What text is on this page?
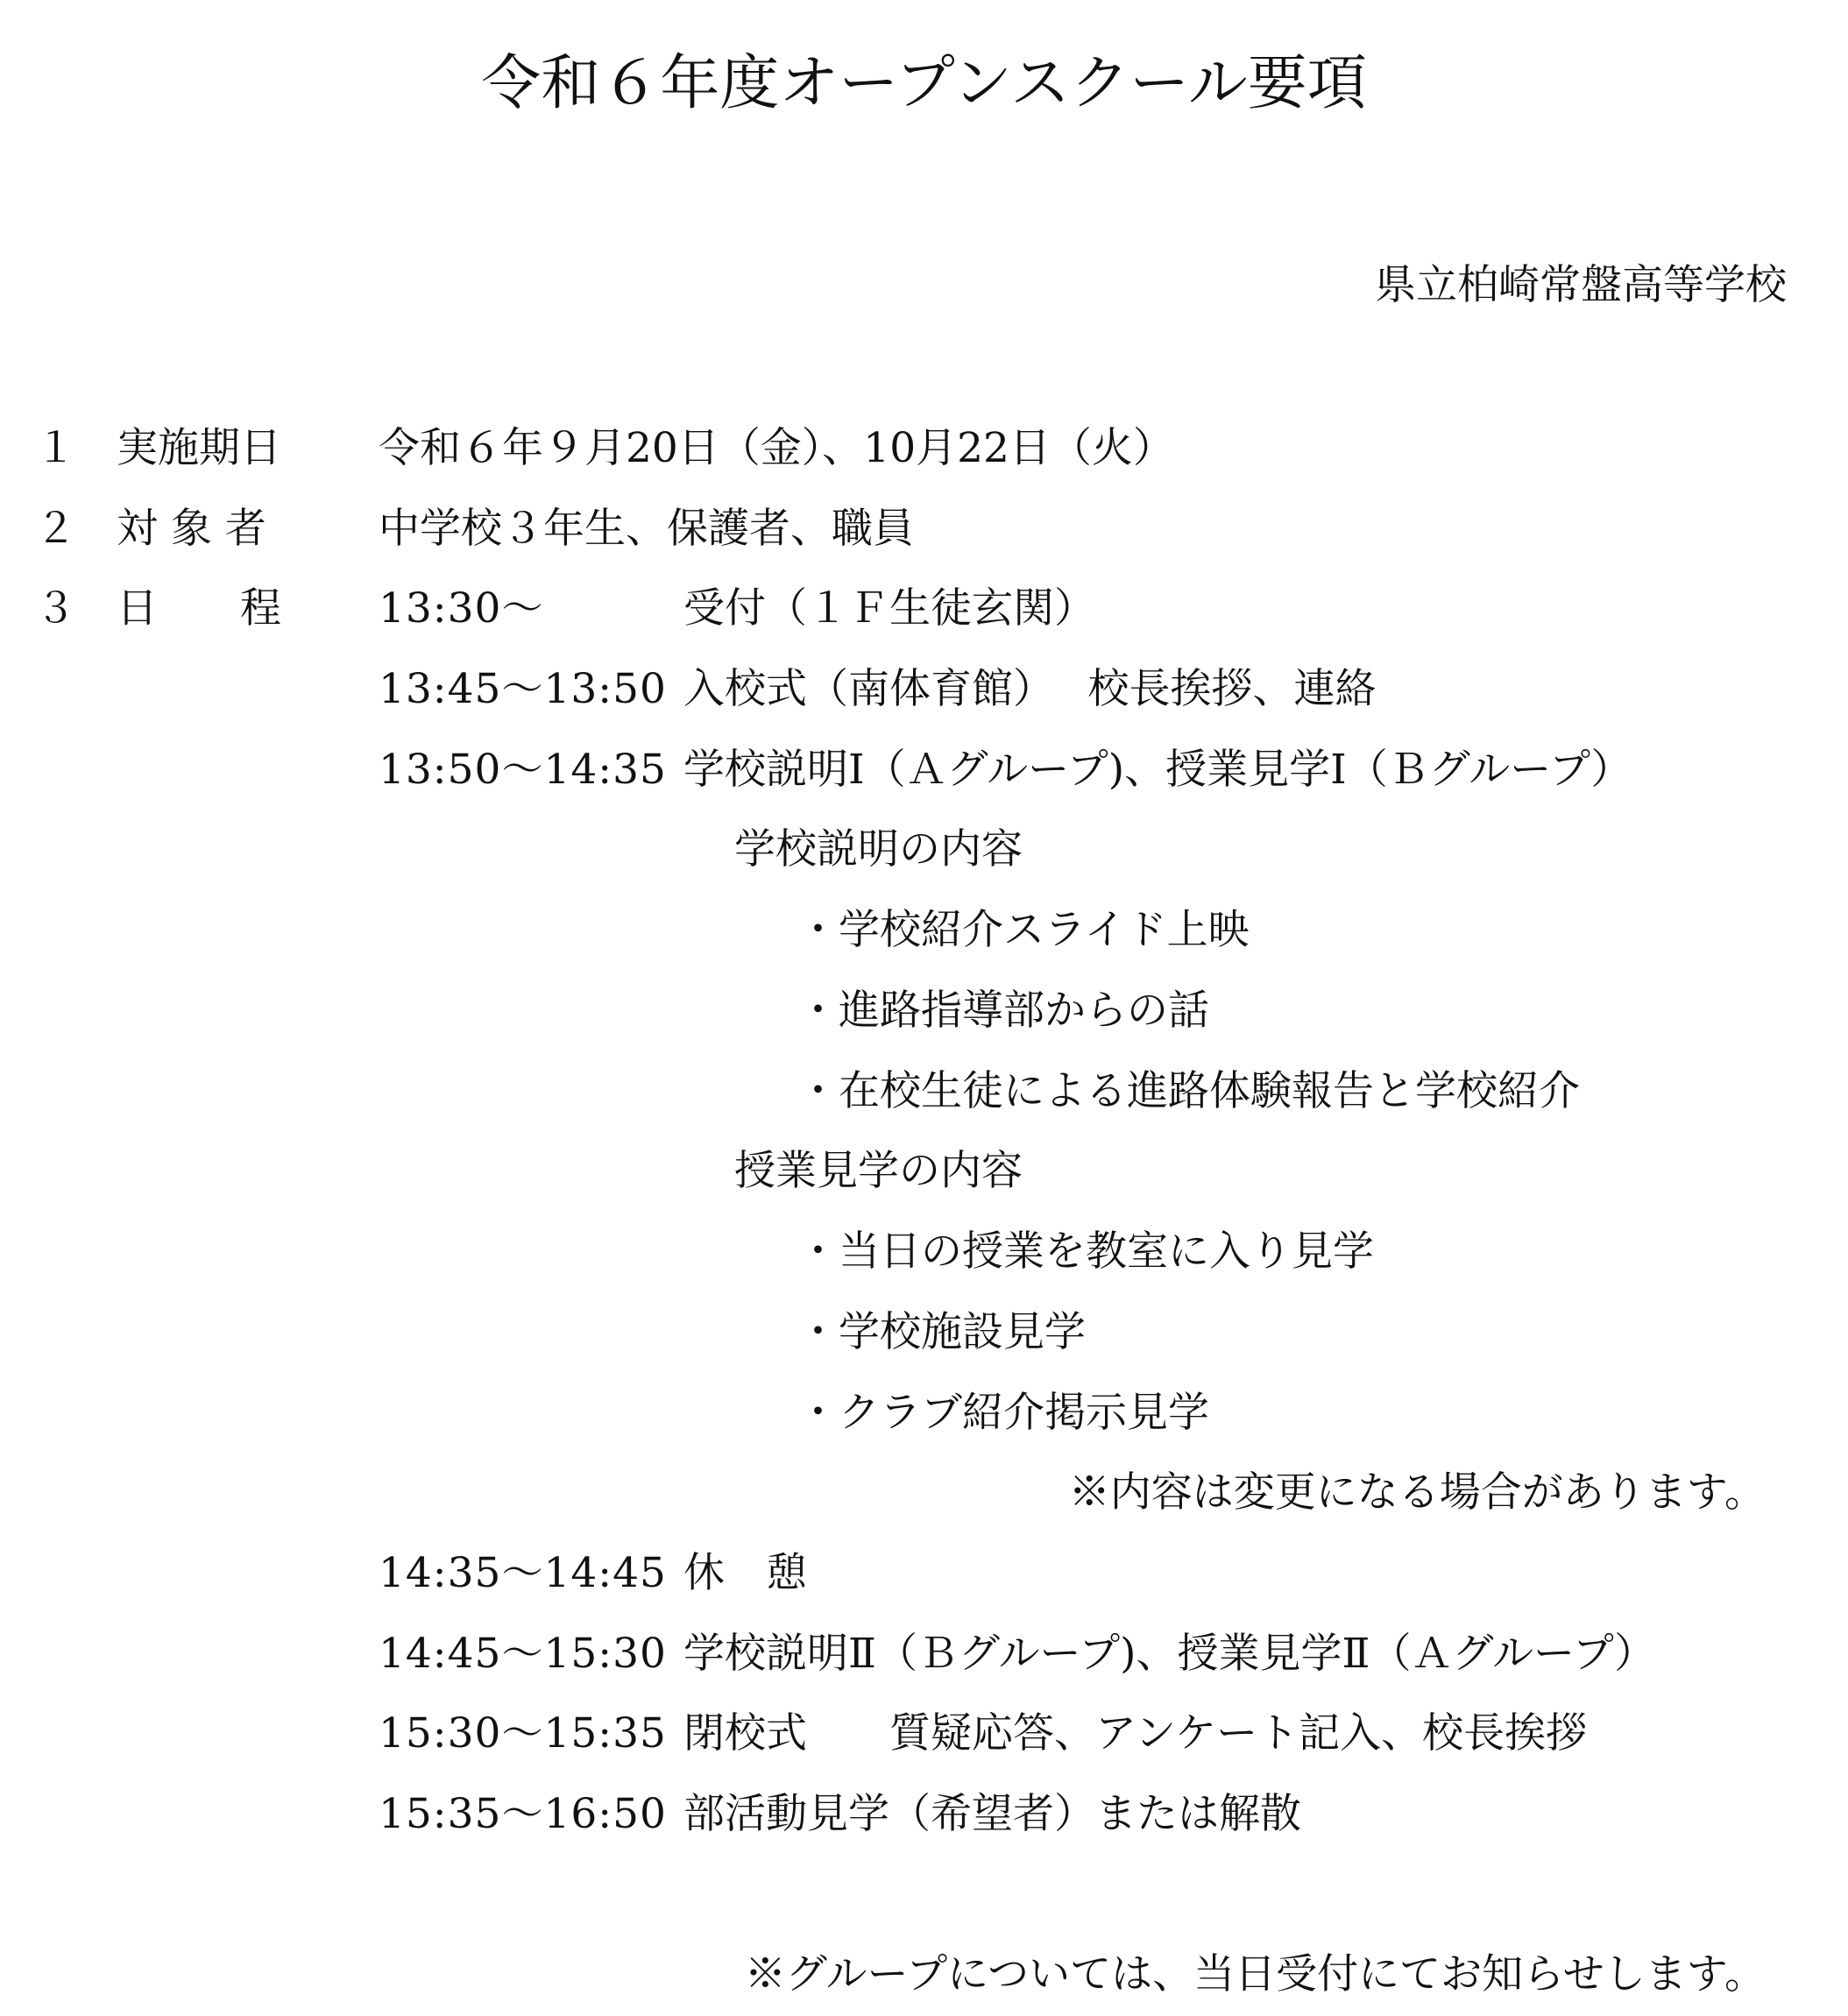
令和６年度オープンスクール要項
県立柏崎常盤高等学校
１ 実施期日 令和６年９月20日（金）、10月22日（火）
２ 対 象 者	中学校３年生、保護者、職員
３ 日　　程 13:30～	受付（１Ｆ生徒玄関）
13:45～13:50 入校式（南体育館）　 校長挨拶、連絡
13:50～14:35 学校説明Ⅰ（Ａグループ)、授業見学Ⅰ（Ｂグループ）
学校説明の内容
・学校紹介スライド上映
・進路指導部からの話
・在校生徒による進路体験報告と学校紹介
授業見学の内容
・当日の授業を教室に入り見学
・学校施設見学
・クラブ紹介掲示見学
※内容は変更になる場合があります。
14:35～14:45 休　憩
14:45～15:30 学校説明Ⅱ（Ｂグループ)、授業見学Ⅱ（Ａグループ）
15:30～15:35 閉校式　　質疑応答、アンケート記入、校長挨拶
15:35～16:50 部活動見学（希望者）または解散
※グループについては、当日受付にてお知らせします。
